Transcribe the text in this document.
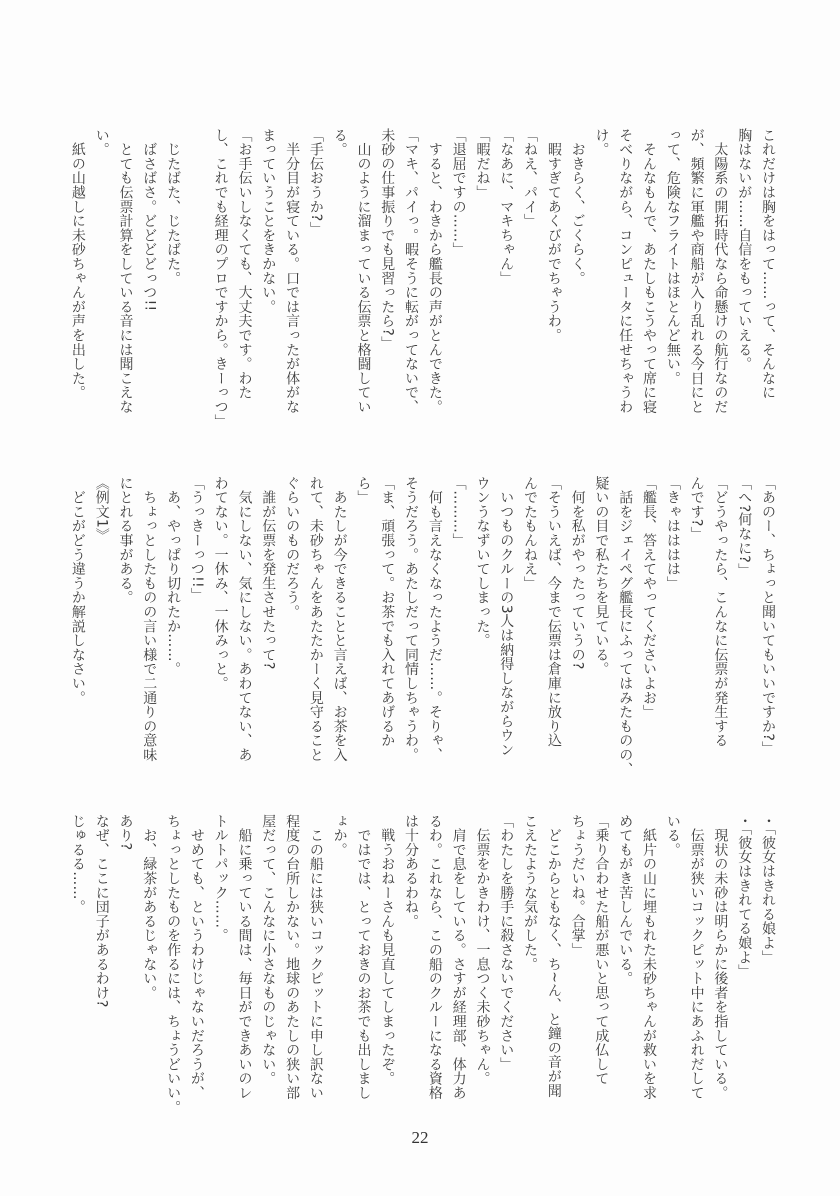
これだけは胸をはって……って、そんなに

胸はないが……自信をもっていえる。

　太陽系の開拓時代なら命懸けの航行なのだ

が、頻繁に軍艦や商船が入り乱れる今日にと

って、危険なフライトはほとんど無い。

　そんなもんで、あたしもこうやって席に寝

そべりながら、コンピュータに任せちゃうわ

け。

　おきらく、ごくらく。

　暇すぎてあくびがでちゃうわ。

「ねえ、パイ」

「なあに、マキちゃん」

「暇だね」

「退屈ですの……」

　すると、わきから艦長の声がとんできた。

「マキ、パイっ。暇そうに転がってないで、

未砂の仕事振りでも見習ったら?」

　山のように溜まっている伝票と格闘してい

る。

「手伝おうか?」

　半分目が寝ている。口では言ったが体がな

まっていうことをきかない。

「お手伝いしなくても、大丈夫です。わた

し、これでも経理のプロですから。きーっつ」

　じたばた、じたばた。

　ばさばさ。どどどどっつ!!

　とても伝票計算をしている音には聞こえな

い。

　紙の山越しに未砂ちゃんが声を出した。

「あのー、ちょっと聞いてもいいですか?」

「へ?何なに?」

「どうやったら、こんなに伝票が発生する

んです?」

「きゃはははは」

「艦長、答えてやってくださいよお」

　話をジェイペグ艦長にふってはみたものの、

疑いの目で私たちを見ている。

　何を私がやったっていうの?

「そういえば、今まで伝票は倉庫に放り込

んでたもんねえ」

　いつものクルーの3人は納得しながらウン

ウンうなずいてしまった。

「………」

　何も言えなくなったようだ……。そりゃ、

そうだろう。あたしだって同情しちゃうわ。

「ま、頑張って。お茶でも入れてあげるか

ら」

　あたしが今できることと言えば、お茶を入

れて、未砂ちゃんをあたたかーく見守ること

ぐらいのものだろう。

　誰が伝票を発生させたって?

　気にしない、気にしない。あわてない、あ

わてない。一休み、一休みっと。

「うっきーっつ!!」

　あ、やっぱり切れたか……。

　ちょっとしたものの言い様で二通りの意味

にとれる事がある。

《例文1》

　どこがどう違うか解説しなさい。

・「彼女はきれる娘よ」

・「彼女はきれてる娘よ」

　現状の未砂は明らかに後者を指している。

　伝票が狭いコックピット中にあふれだして

いる。

　紙片の山に埋もれた未砂ちゃんが救いを求

めてもがき苦しんでいる。

「乗り合わせた船が悪いと思って成仏して

ちょうだいね。合掌」

　どこからともなく、ち~ん、と鐘の音が聞

こえたような気がした。

「わたしを勝手に殺さないでください」

　伝票をかきわけ、一息つく未砂ちゃん。

　肩で息をしている。さすが経理部、体力あ

るわ。これなら、この船のクルーになる資格

は十分あるわね。

　戦うおねーさんも見直してしまったぞ。

　ではでは、とっておきのお茶でも出しまし

ょか。

　この船には狭いコックピットに申し訳ない

程度の台所しかない。地球のあたしの狭い部

屋だって、こんなに小さなものじゃない。

　船に乗っている間は、毎日ができあいのレ

トルトパック……。

　せめても、というわけじゃないだろうが、

ちょっとしたものを作るには、ちょうどいい。

　お、緑茶があるじゃない。

あり?

なぜ、ここに団子があるわけ?

じゅるる……。

22
